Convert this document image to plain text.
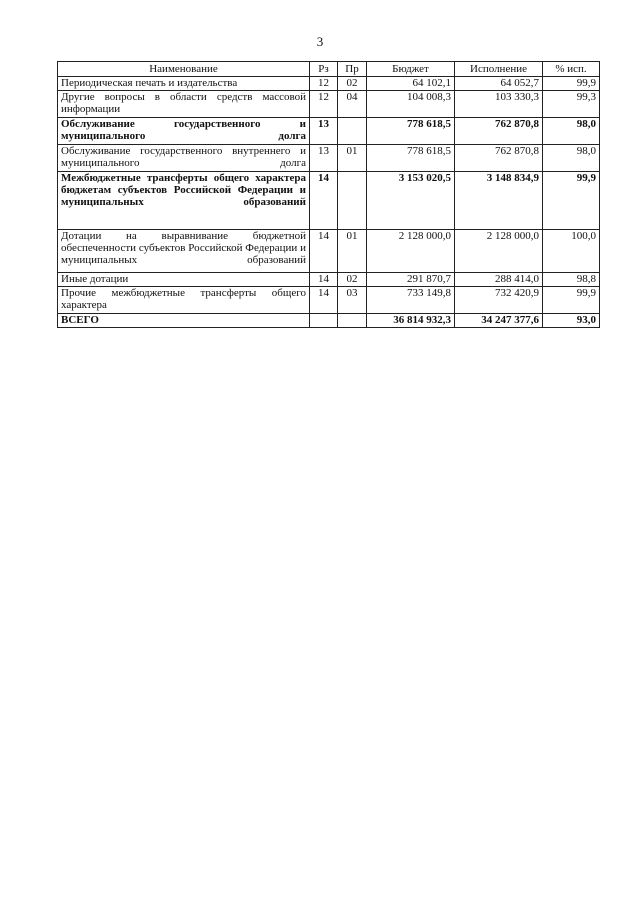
3
Наименование	Рз	Пр	Бюджет	Исполнение	% исп.
Периодическая печать и издательства	12	02	64 102,1	64 052,7	99,9
Другие вопросы в области средств массовой информации	12	04	104 008,3	103 330,3	99,3
Обслуживание государственного и муниципального долга	13		778 618,5	762 870,8	98,0
Обслуживание государственного внутреннего и муниципального долга	13	01	778 618,5	762 870,8	98,0
Межбюджетные трансферты общего характера бюджетам субъектов Российской Федерации и муниципальных образований	14		3 153 020,5	3 148 834,9	99,9
Дотации на выравнивание бюджетной обеспеченности субъектов Российской Федерации и муниципальных образований	14	01	2 128 000,0	2 128 000,0	100,0
Иные дотации	14	02	291 870,7	288 414,0	98,8
Прочие межбюджетные трансферты общего характера	14	03	733 149,8	732 420,9	99,9
ВСЕГО			36 814 932,3	34 247 377,6	93,0
